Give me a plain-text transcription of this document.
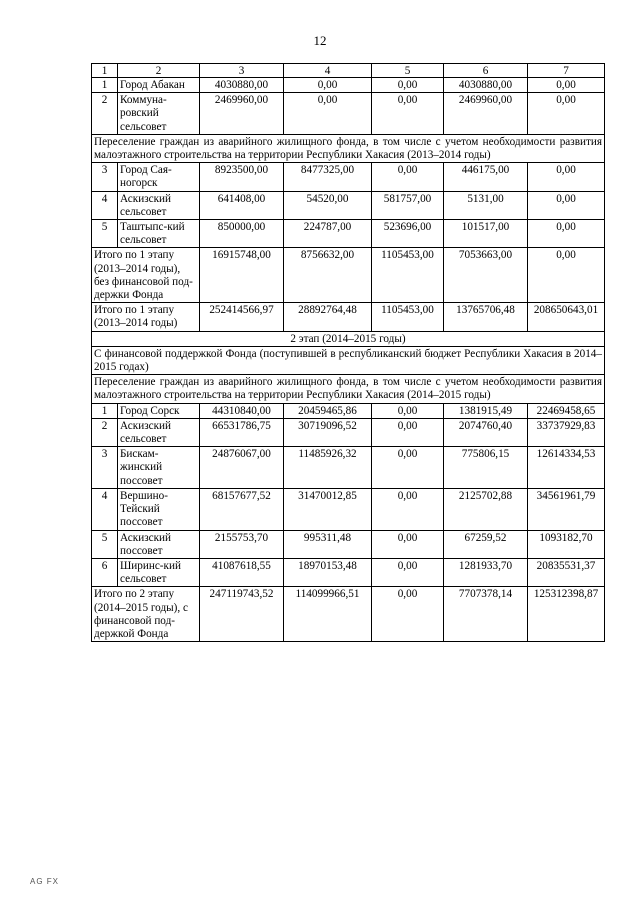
12
1	2	3	4	5	6	7
1	Город Абакан	4030880,00	0,00	0,00	4030880,00	0,00
2	Коммуна-ровский сельсовет	2469960,00	0,00	0,00	2469960,00	0,00
Переселение граждан из аварийного жилищного фонда, в том числе с учетом необходимости развития малоэтажного строительства на территории Республики Хакасия (2013–2014 годы)						
3	Город Сая-ногорск	8923500,00	8477325,00	0,00	446175,00	0,00
4	Аскизский сельсовет	641408,00	54520,00	581757,00	5131,00	0,00
5	Таштыпс-кий сельсовет	850000,00	224787,00	523696,00	101517,00	0,00
Итого по 1 этапу (2013–2014 годы), без финансовой под-держки Фонда		16915748,00	8756632,00	1105453,00	7053663,00	0,00
Итого по 1 этапу (2013–2014 годы)		252414566,97	28892764,48	1105453,00	13765706,48	208650643,01
2 этап (2014–2015 годы)						
С финансовой поддержкой Фонда (поступившей в республиканский бюджет Республики Хакасия в 2014–2015 годах)						
Переселение граждан из аварийного жилищного фонда, в том числе с учетом необходимости развития малоэтажного строительства на территории Республики Хакасия (2014–2015 годы)						
1	Город Сорск	44310840,00	20459465,86	0,00	1381915,49	22469458,65
2	Аскизский сельсовет	66531786,75	30719096,52	0,00	2074760,40	33737929,83
3	Бискам-жинский поссовет	24876067,00	11485926,32	0,00	775806,15	12614334,53
4	Вершино-Тейский поссовет	68157677,52	31470012,85	0,00	2125702,88	34561961,79
5	Аскизский поссовет	2155753,70	995311,48	0,00	67259,52	1093182,70
6	Ширинс-кий сельсовет	41087618,55	18970153,48	0,00	1281933,70	20835531,37
Итого по 2 этапу (2014–2015 годы), с финансовой под-держкой Фонда		247119743,52	114099966,51	0,00	7707378,14	125312398,87
AG FX
